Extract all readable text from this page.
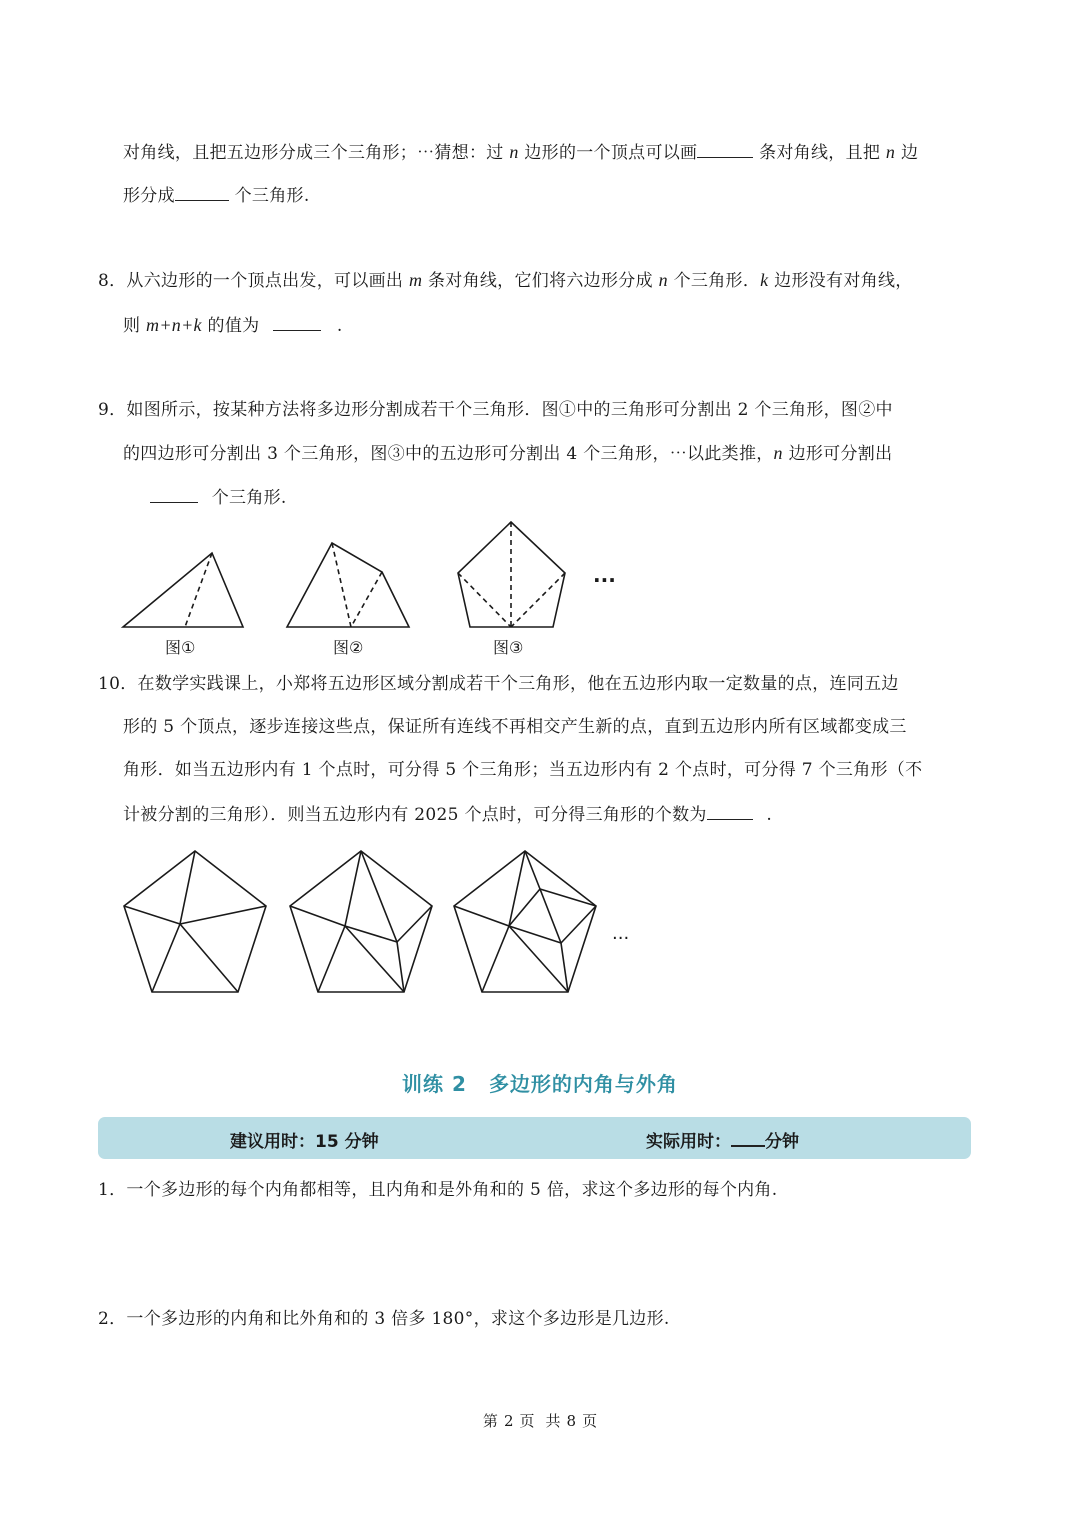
对角线，且把五边形分成三个三角形；⋯猜想：过 n 边形的一个顶点可以画	条对角线，且把 n 边
形分成	个三角形.
8．从六边形的一个顶点出发，可以画出 m 条对角线，它们将六边形分成 n 个三角形．k 边形没有对角线，
则 m+n+k 的值为	.
9．如图所示，按某种方法将多边形分割成若干个三角形．图①中的三角形可分割出 2 个三角形，图②中
的四边形可分割出 3 个三角形，图③中的五边形可分割出 4 个三角形，⋯以此类推，n 边形可分割出
个三角形.
图①	图②	图③
···
10．在数学实践课上，小郑将五边形区域分割成若干个三角形，他在五边形内取一定数量的点，连同五边
形的 5 个顶点，逐步连接这些点，保证所有连线不再相交产生新的点，直到五边形内所有区域都变成三
角形．如当五边形内有 1 个点时，可分得 5 个三角形；当五边形内有 2 个点时，可分得 7 个三角形（不
计被分割的三角形）．则当五边形内有 2025 个点时，可分得三角形的个数为	.
···
训练 2 多边形的内角与外角
建议用时：15 分钟	实际用时： 分钟
1．一个多边形的每个内角都相等，且内角和是外角和的 5 倍，求这个多边形的每个内角.
2．一个多边形的内角和比外角和的 3 倍多 180°，求这个多边形是几边形.
第 2 页 共 8 页
